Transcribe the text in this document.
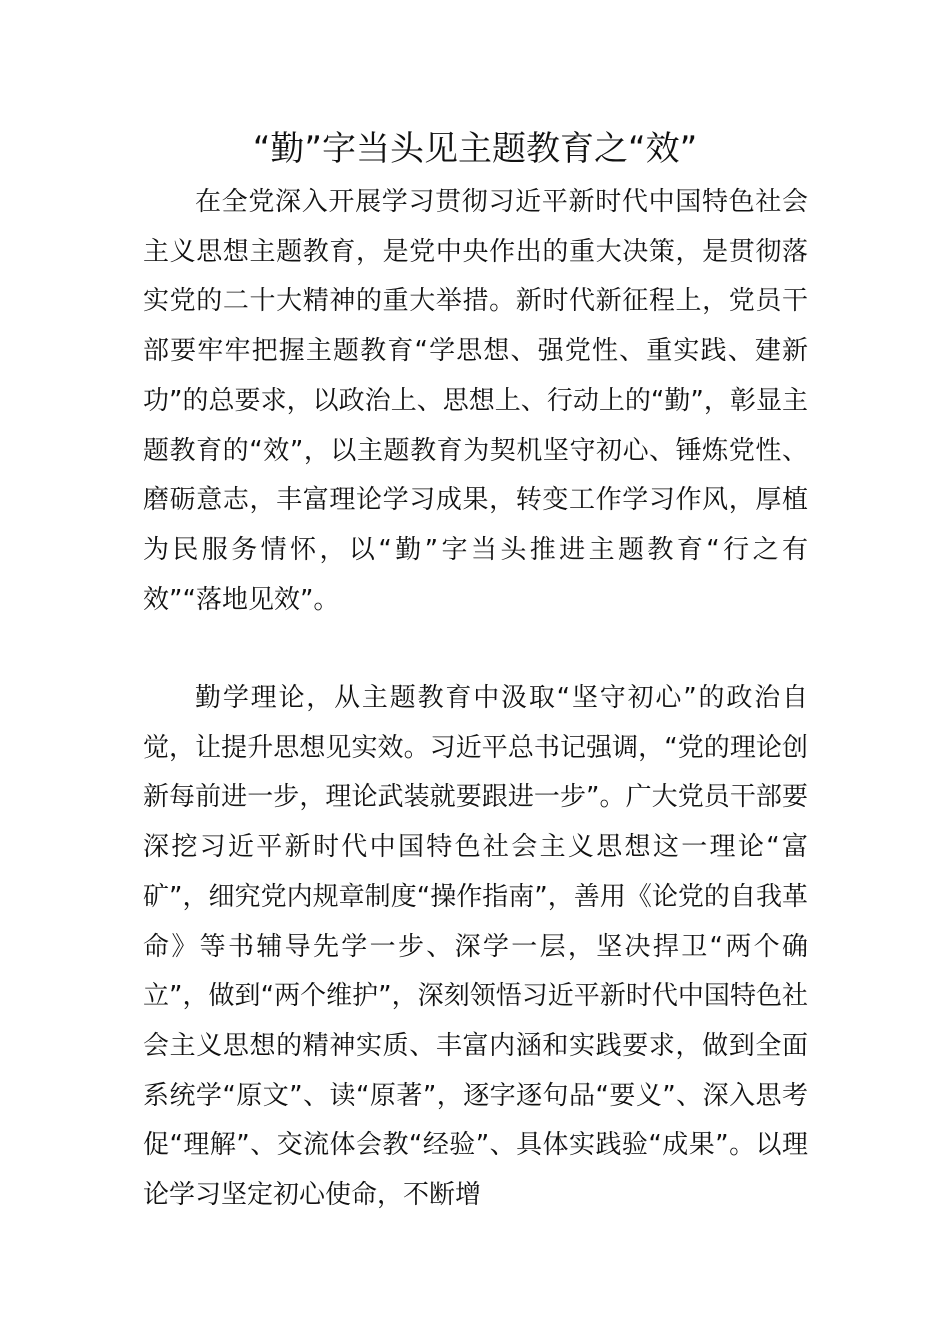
“勤”字当头见主题教育之“效”

在全党深入开展学习贯彻习近平新时代中国特色社会主义思想主题教育，是党中央作出的重大决策，是贯彻落实党的二十大精神的重大举措。新时代新征程上，党员干部要牢牢把握主题教育“学思想、强党性、重实践、建新功”的总要求，以政治上、思想上、行动上的“勤”，彰显主题教育的“效”，以主题教育为契机坚守初心、锤炼党性、磨砺意志，丰富理论学习成果，转变工作学习作风，厚植为民服务情怀，以“勤”字当头推进主题教育“行之有效”“落地见效”。

勤学理论，从主题教育中汲取“坚守初心”的政治自觉，让提升思想见实效。习近平总书记强调，“党的理论创新每前进一步，理论武装就要跟进一步”。广大党员干部要深挖习近平新时代中国特色社会主义思想这一理论“富矿”，细究党内规章制度“操作指南”，善用《论党的自我革命》等书辅导先学一步、深学一层，坚决捍卫“两个确立”，做到“两个维护”，深刻领悟习近平新时代中国特色社会主义思想的精神实质、丰富内涵和实践要求，做到全面系统学“原文”、读“原著”，逐字逐句品“要义”、深入思考促“理解”、交流体会教“经验”、具体实践验“成果”。以理论学习坚定初心使命，不断增
